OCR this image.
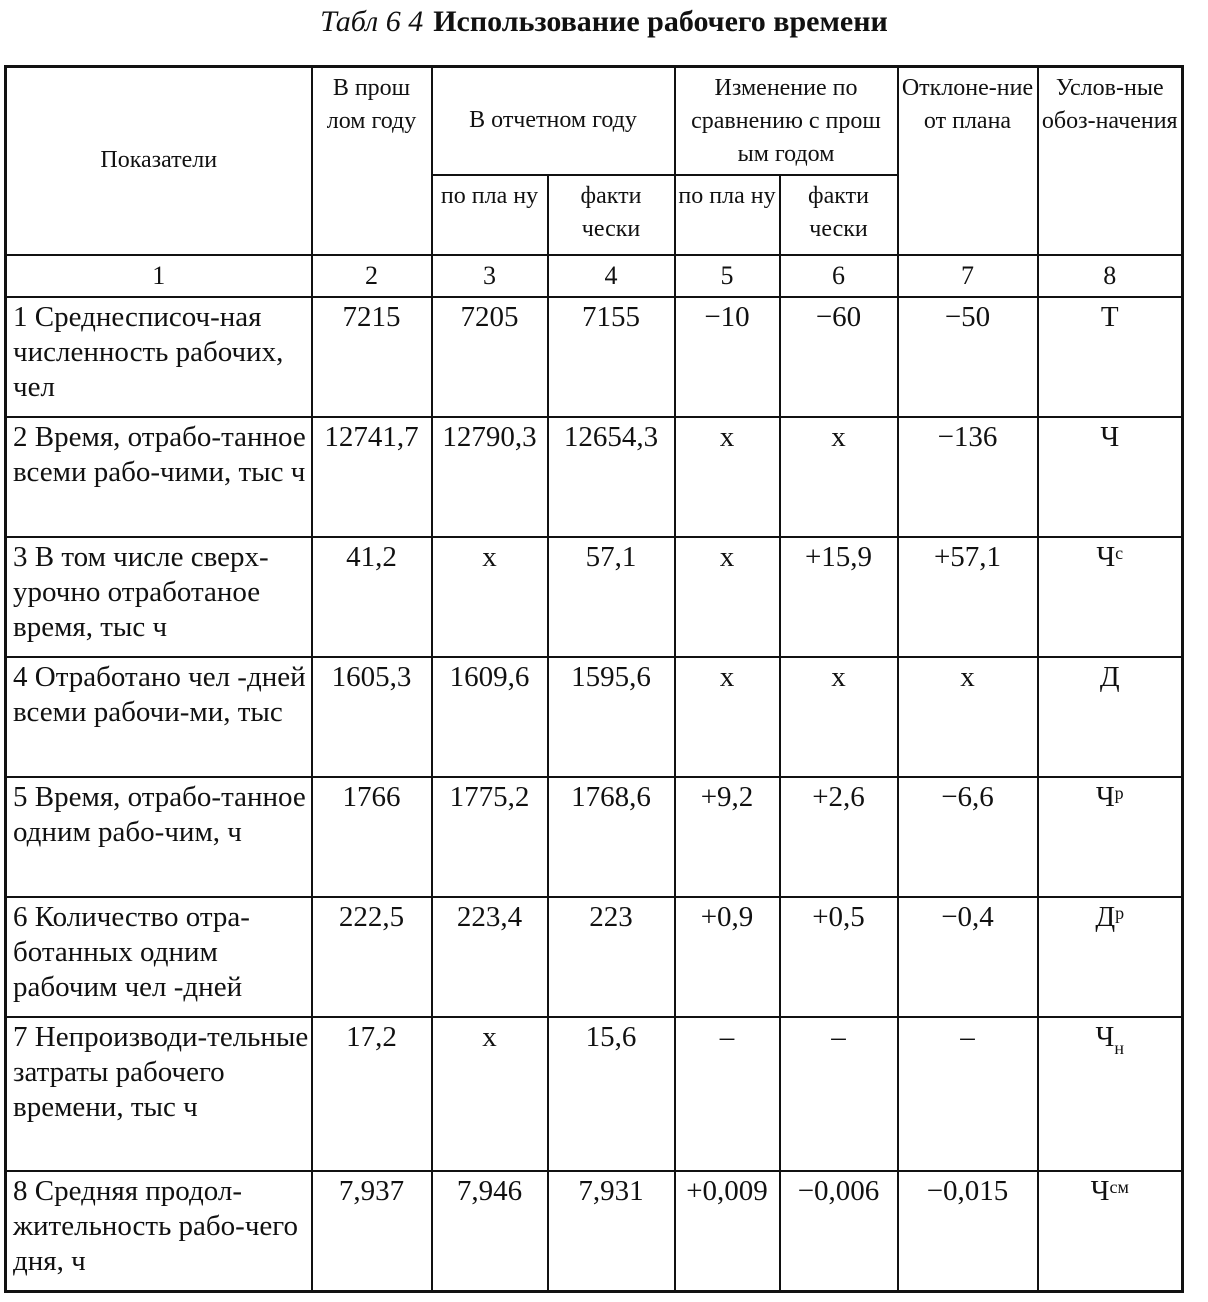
Табл 6 4 Использование рабочего времени
Показатели	В прош лом году	В отчетном году		Изменение по сравнению с прош ым годом		Отклоне-ние от плана	Услов-ные обоз-начения
		по пла ну	факти чески	по пла ну	факти чески		
1	2	3	4	5	6	7	8
1 Среднесписоч-ная численность рабочих, чел	7215	7205	7155	−10	−60	−50	Т
2 Время, отрабо-танное всеми рабо-чими, тыс ч	12741,7	12790,3	12654,3	х	х	−136	Ч
3 В том числе сверх-урочно отработаное время, тыс ч	41,2	х	57,1	х	+15,9	+57,1	$Ч^с$
4 Отработано чел -дней всеми рабочи-ми, тыс	1605,3	1609,6	1595,6	х	х	х	Д
5 Время, отрабо-танное одним рабо-чим, ч	1766	1775,2	1768,6	+9,2	+2,6	−6,6	$Ч^р$
6 Количество отра-ботанных одним рабочим чел -дней	222,5	223,4	223	+0,9	+0,5	−0,4	$Д^р$
7 Непроизводи-тельные затраты рабочего времени, тыс ч	17,2	х	15,6	–	–	–	$Ч_н$
8 Средняя продол-жительность рабо-чего дня, ч	7,937	7,946	7,931	+0,009	−0,006	−0,015	$Ч^{см}$
